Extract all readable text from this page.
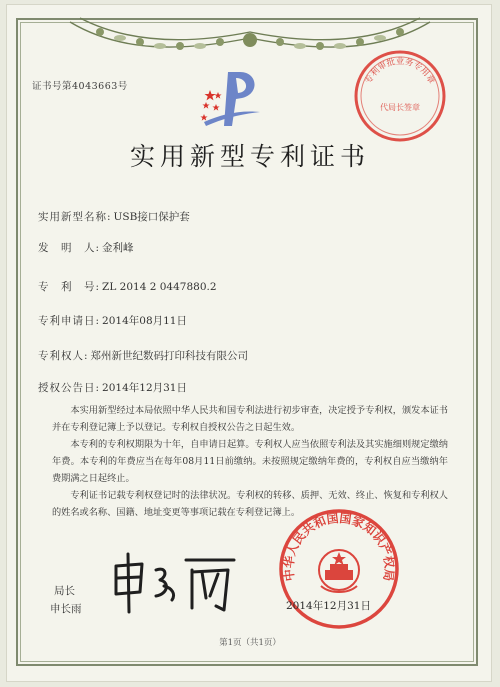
证书号第4043663号
专利审批业务专用章
代局长签章
实用新型专利证书
实用新型名称: USB接口保护套
发　明　人: 金利峰
专　利　号: ZL 2014 2 0447880.2
专利申请日: 2014年08月11日
专利权人: 郑州新世纪数码打印科技有限公司
授权公告日: 2014年12月31日
本实用新型经过本局依照中华人民共和国专利法进行初步审查，决定授予专利权，颁发本证书并在专利登记簿上予以登记。专利权自授权公告之日起生效。
本专利的专利权期限为十年，自申请日起算。专利权人应当依照专利法及其实施细则规定缴纳年费。本专利的年费应当在每年08月11日前缴纳。未按照规定缴纳年费的，专利权自应当缴纳年费期满之日起终止。
专利证书记载专利权登记时的法律状况。专利权的转移、质押、无效、终止、恢复和专利权人的姓名或名称、国籍、地址变更等事项记载在专利登记簿上。
局长
申长雨
中华人民共和国国家知识产权局
2014年12月31日
第1页（共1页）
